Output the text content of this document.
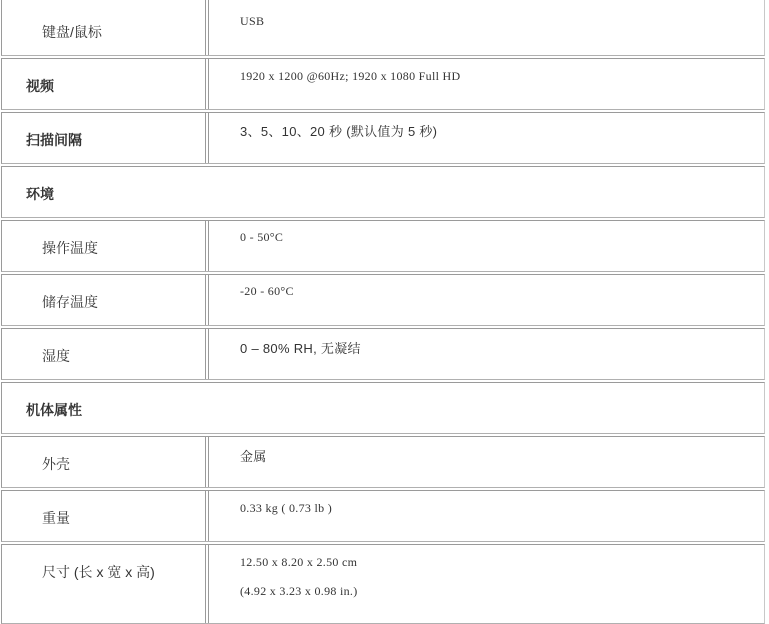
键盘/鼠标
USB
视频
1920 x 1200 @60Hz; 1920 x 1080 Full HD
扫描间隔
3、5、10、20 秒 (默认值为 5 秒)
环境
操作温度
0 - 50°C
储存温度
-20 - 60°C
湿度	0 – 80% RH, 无凝结
机体属性
外壳	金属
重量
0.33 kg ( 0.73 lb )
尺寸 (长 x 宽 x 高)
12.50 x 8.20 x 2.50 cm
(4.92 x 3.23 x 0.98 in.)
